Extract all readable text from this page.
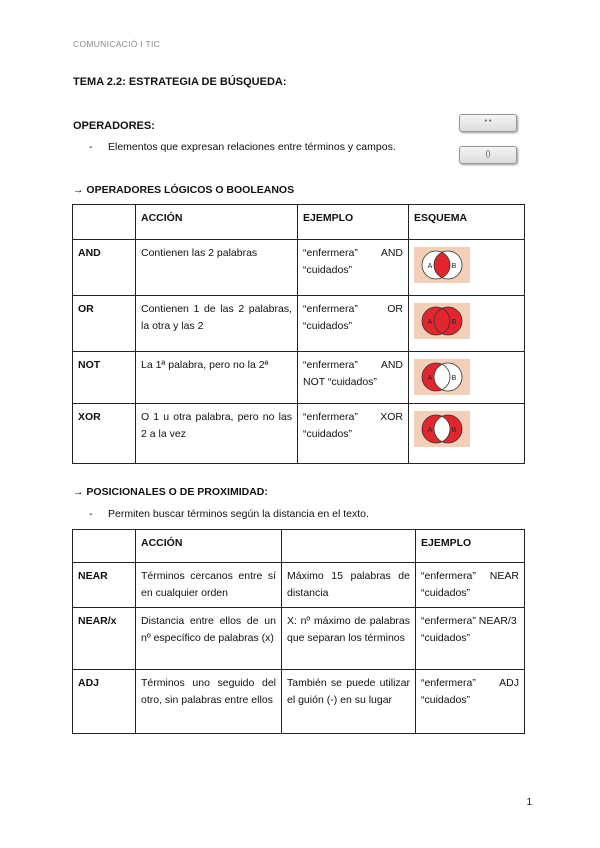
COMUNICACIÓ I TIC
TEMA 2.2: ESTRATEGIA DE BÚSQUEDA:
OPERADORES:
- Elementos que expresan relaciones entre términos y campos.
• •
()
→ OPERADORES LÓGICOS O BOOLEANOS
	ACCIÓN	EJEMPLO	ESQUEMA
AND	Contienen las 2 palabras	“enfermera” AND “cuidados”	A B

OR	Contienen 1 de las 2 palabras, la otra y las 2	“enfermera” OR “cuidados”	A B

NOT	La 1ª palabra, pero no la 2ª	“enfermera” AND NOT “cuidados”	A B

XOR	O 1 u otra palabra, pero no las 2 a la vez	“enfermera” XOR “cuidados”	A B
→ POSICIONALES O DE PROXIMIDAD:
- Permiten buscar términos según la distancia en el texto.
	ACCIÓN		EJEMPLO
NEAR	Términos cercanos entre sí en cualquier orden	Máximo 15 palabras de distancia	“enfermera” NEAR “cuidados”
NEAR/x	Distancia entre ellos de un nº específico de palabras (x)	X: nº máximo de palabras que separan los términos	“enfermera” NEAR/3 “cuidados”
ADJ	Términos uno seguido del otro, sin palabras entre ellos	También se puede utilizar el guión (-) en su lugar	“enfermera” ADJ “cuidados”
1
